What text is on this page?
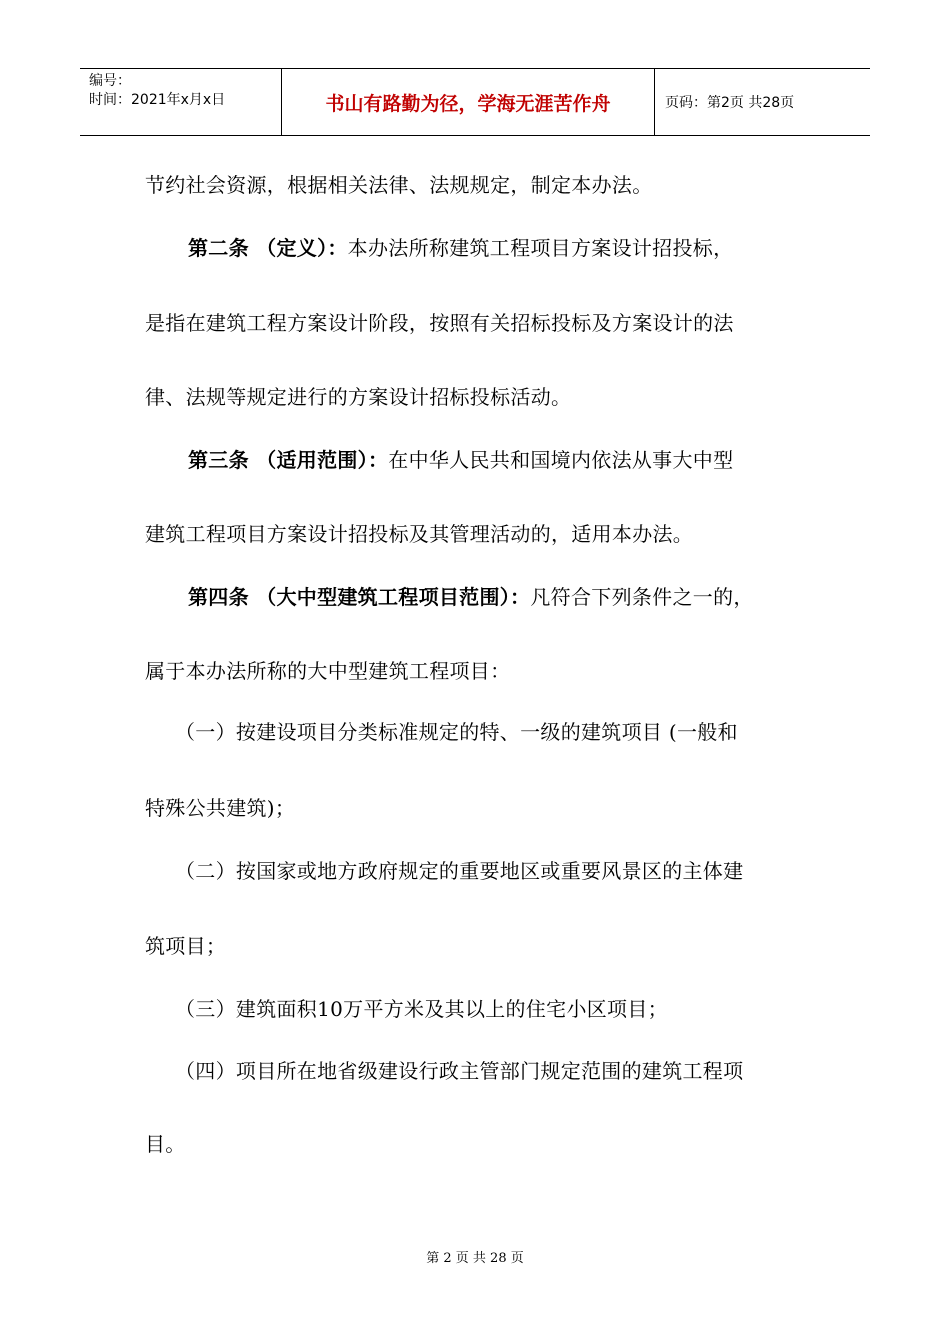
编号：
时间：2021年x月x日	书山有路勤为径，学海无涯苦作舟	页码：第2页 共28页
节约社会资源，根据相关法律、法规规定，制定本办法。
第二条 （定义）：本办法所称建筑工程项目方案设计招投标，
是指在建筑工程方案设计阶段，按照有关招标投标及方案设计的法
律、法规等规定进行的方案设计招标投标活动。
第三条 （适用范围）：在中华人民共和国境内依法从事大中型
建筑工程项目方案设计招投标及其管理活动的，适用本办法。
第四条 （大中型建筑工程项目范围）：凡符合下列条件之一的，
属于本办法所称的大中型建筑工程项目：
（一）按建设项目分类标准规定的特、一级的建筑项目 (一般和
特殊公共建筑)；
（二）按国家或地方政府规定的重要地区或重要风景区的主体建
筑项目；
（三）建筑面积10万平方米及其以上的住宅小区项目；
（四）项目所在地省级建设行政主管部门规定范围的建筑工程项
目。
第 2 页 共 28 页
